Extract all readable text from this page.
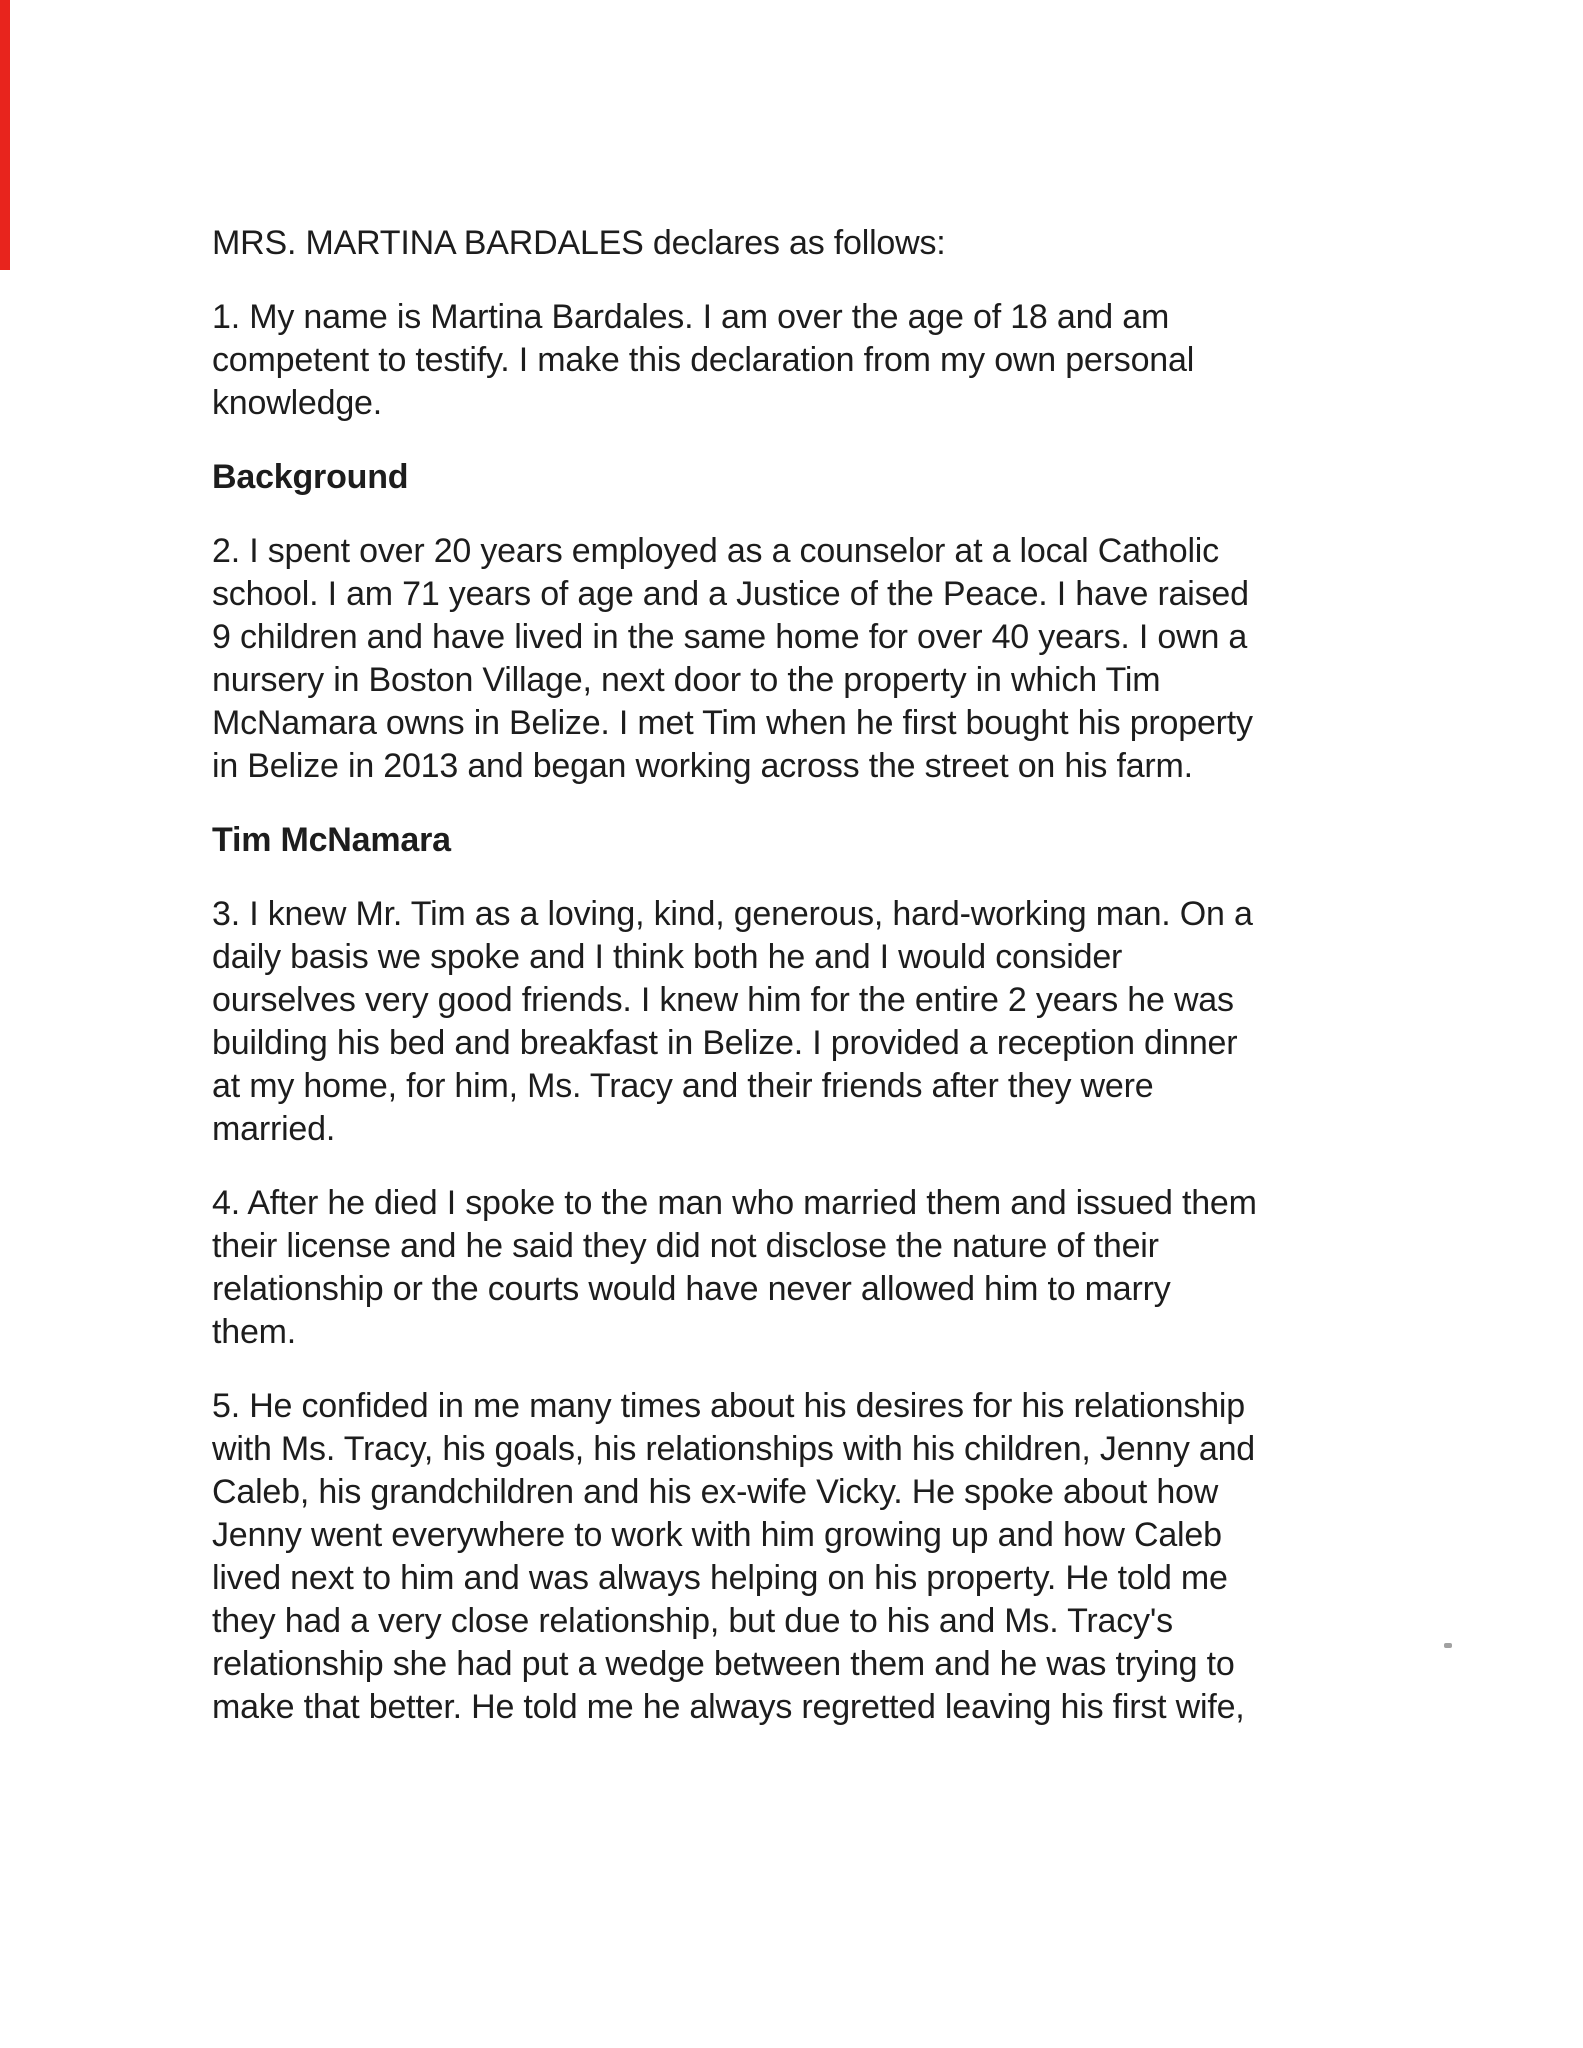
MRS. MARTINA BARDALES declares as follows:
1. My name is Martina Bardales. I am over the age of 18 and am
competent to testify. I make this declaration from my own personal
knowledge.
Background
2. I spent over 20 years employed as a counselor at a local Catholic
school. I am 71 years of age and a Justice of the Peace. I have raised
9 children and have lived in the same home for over 40 years. I own a
nursery in Boston Village, next door to the property in which Tim
McNamara owns in Belize. I met Tim when he first bought his property
in Belize in 2013 and began working across the street on his farm.
Tim McNamara
3. I knew Mr. Tim as a loving, kind, generous, hard-working man. On a
daily basis we spoke and I think both he and I would consider
ourselves very good friends. I knew him for the entire 2 years he was
building his bed and breakfast in Belize. I provided a reception dinner
at my home, for him, Ms. Tracy and their friends after they were
married.
4. After he died I spoke to the man who married them and issued them
their license and he said they did not disclose the nature of their
relationship or the courts would have never allowed him to marry
them.
5. He confided in me many times about his desires for his relationship
with Ms. Tracy, his goals, his relationships with his children, Jenny and
Caleb, his grandchildren and his ex-wife Vicky. He spoke about how
Jenny went everywhere to work with him growing up and how Caleb
lived next to him and was always helping on his property. He told me
they had a very close relationship, but due to his and Ms. Tracy's
relationship she had put a wedge between them and he was trying to
make that better. He told me he always regretted leaving his first wife,
